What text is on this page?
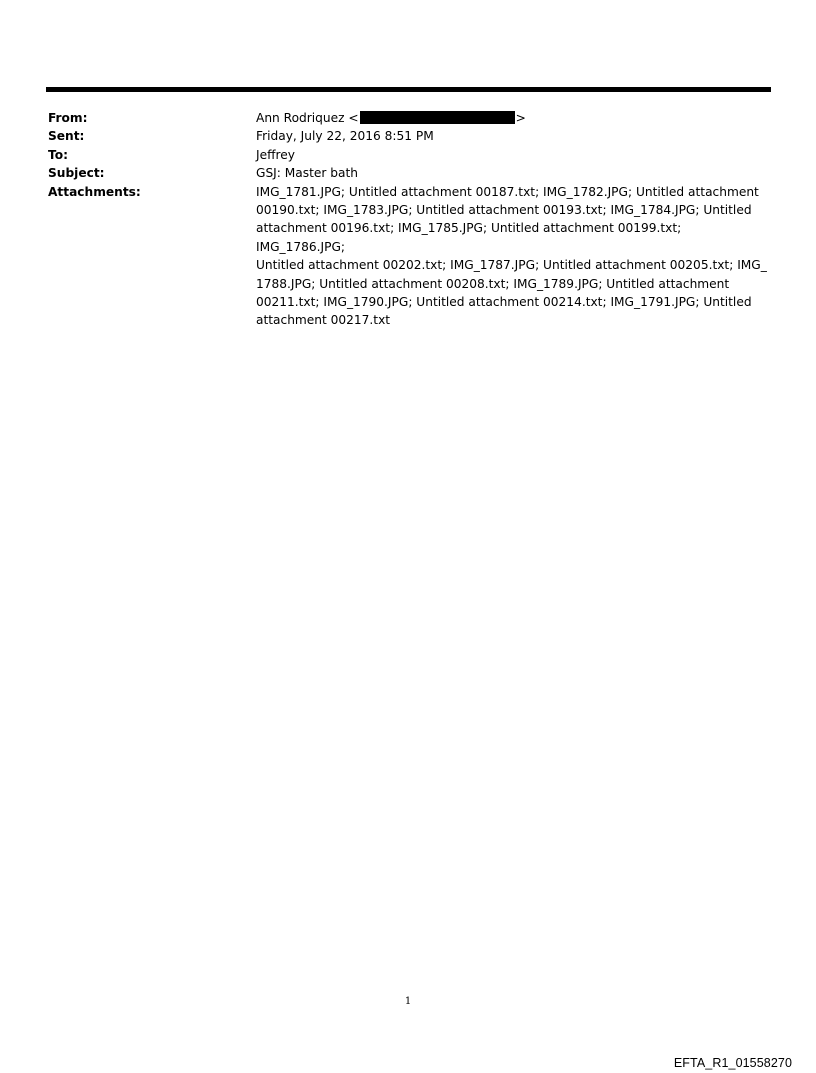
From:	Ann Rodriquez <	>
Sent:	Friday, July 22, 2016 8:51 PM
To:	Jeffrey
Subject:	GSJ: Master bath
Attachments:	IMG_1781.JPG; Untitled attachment 00187.txt; IMG_1782.JPG; Untitled attachment
00190.txt; IMG_1783.JPG; Untitled attachment 00193.txt; IMG_1784.JPG; Untitled
attachment 00196.txt; IMG_1785.JPG; Untitled attachment 00199.txt; IMG_1786.JPG;
Untitled attachment 00202.txt; IMG_1787.JPG; Untitled attachment 00205.txt; IMG_
1788.JPG; Untitled attachment 00208.txt; IMG_1789.JPG; Untitled attachment
00211.txt; IMG_1790.JPG; Untitled attachment 00214.txt; IMG_1791.JPG; Untitled
attachment 00217.txt
1
EFTA_R1_01558270
